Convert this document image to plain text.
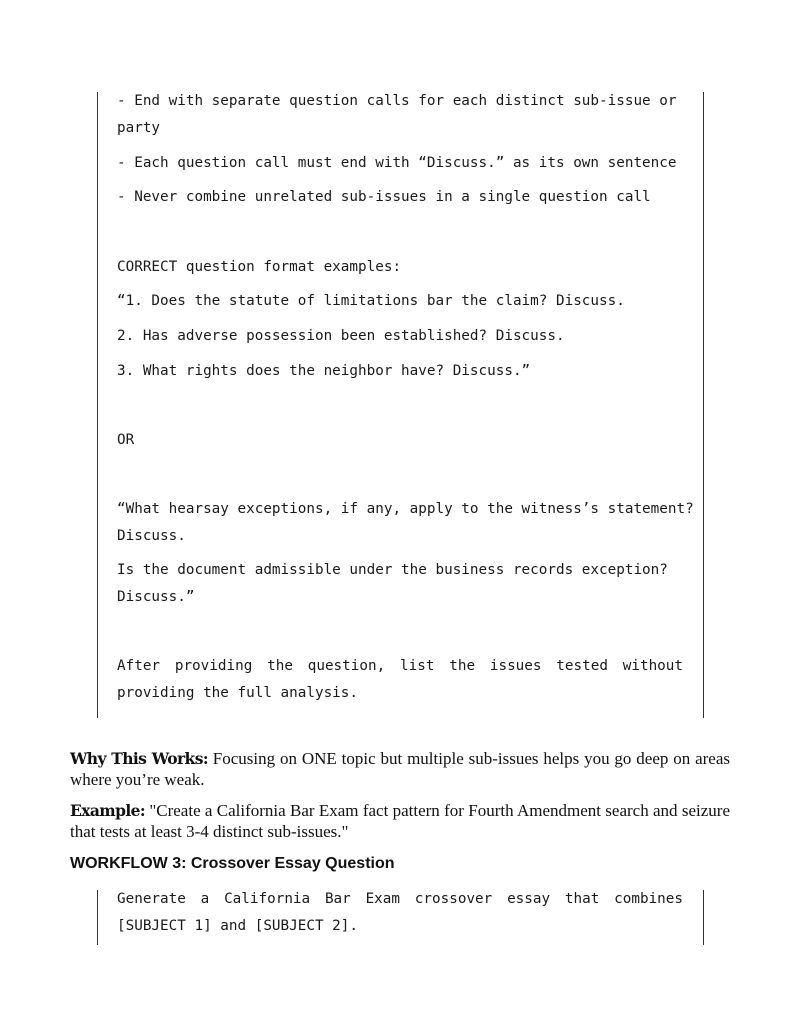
- End with separate question calls for each distinct sub-issue or
party
- Each question call must end with “Discuss.” as its own sentence
- Never combine unrelated sub-issues in a single question call
CORRECT question format examples:
“1. Does the statute of limitations bar the claim? Discuss.
2. Has adverse possession been established? Discuss.
3. What rights does the neighbor have? Discuss.”
OR
“What hearsay exceptions, if any, apply to the witness’s statement?
Discuss.
Is the document admissible under the business records exception?
Discuss.”
After providing the question, list the issues tested without
providing the full analysis.
Why This Works: Focusing on ONE topic but multiple sub-issues helps you go deep on areas where you’re weak.
Example: "Create a California Bar Exam fact pattern for Fourth Amendment search and seizure that tests at least 3-4 distinct sub-issues."
WORKFLOW 3: Crossover Essay Question
Generate a California Bar Exam crossover essay that combines
[SUBJECT 1] and [SUBJECT 2].
